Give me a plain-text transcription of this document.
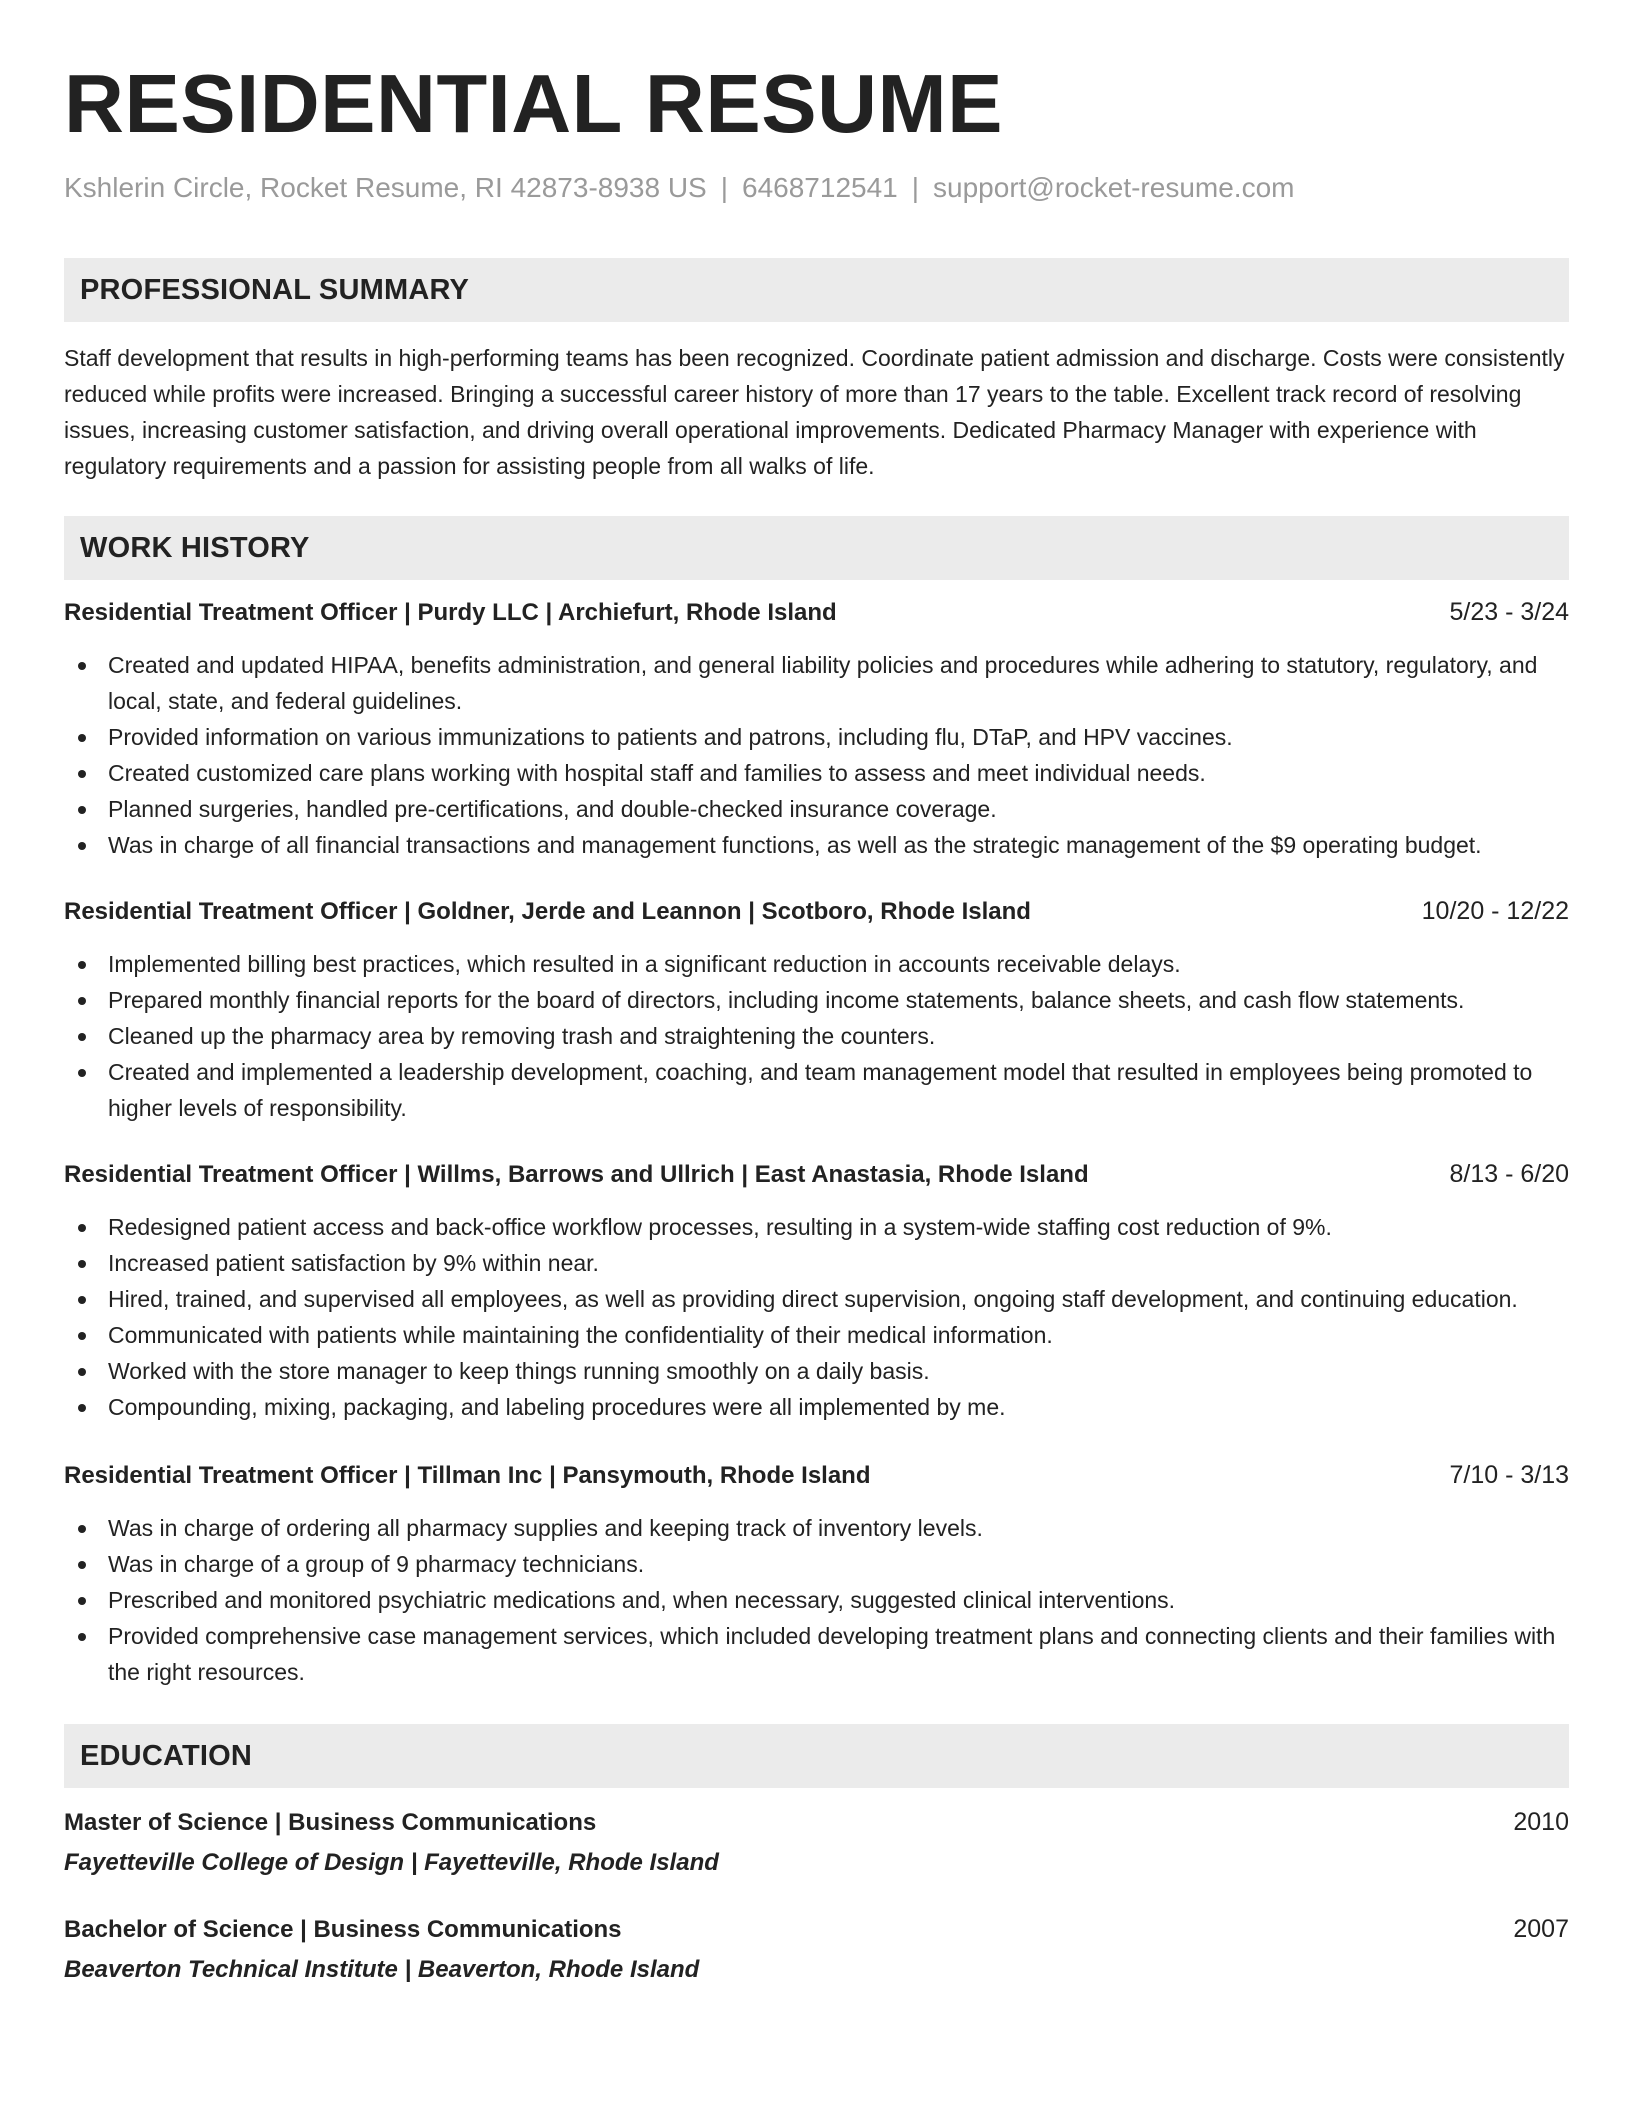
RESIDENTIAL RESUME
Kshlerin Circle, Rocket Resume, RI 42873-8938 US | 6468712541 | support@rocket-resume.com
PROFESSIONAL SUMMARY

Staff development that results in high-performing teams has been recognized. Coordinate patient admission and discharge. Costs were consistently reduced while profits were increased. Bringing a successful career history of more than 17 years to the table. Excellent track record of resolving issues, increasing customer satisfaction, and driving overall operational improvements. Dedicated Pharmacy Manager with experience with regulatory requirements and a passion for assisting people from all walks of life.

WORK HISTORY
Residential Treatment Officer | Purdy LLC | Archiefurt, Rhode Island	5/23 - 3/24
Created and updated HIPAA, benefits administration, and general liability policies and procedures while adhering to statutory, regulatory, and local, state, and federal guidelines.
Provided information on various immunizations to patients and patrons, including flu, DTaP, and HPV vaccines.
Created customized care plans working with hospital staff and families to assess and meet individual needs.
Planned surgeries, handled pre-certifications, and double-checked insurance coverage.
Was in charge of all financial transactions and management functions, as well as the strategic management of the $9 operating budget.
Residential Treatment Officer | Goldner, Jerde and Leannon | Scotboro, Rhode Island	10/20 - 12/22
Implemented billing best practices, which resulted in a significant reduction in accounts receivable delays.
Prepared monthly financial reports for the board of directors, including income statements, balance sheets, and cash flow statements.
Cleaned up the pharmacy area by removing trash and straightening the counters.
Created and implemented a leadership development, coaching, and team management model that resulted in employees being promoted to higher levels of responsibility.
Residential Treatment Officer | Willms, Barrows and Ullrich | East Anastasia, Rhode Island	8/13 - 6/20
Redesigned patient access and back-office workflow processes, resulting in a system-wide staffing cost reduction of 9%.
Increased patient satisfaction by 9% within near.
Hired, trained, and supervised all employees, as well as providing direct supervision, ongoing staff development, and continuing education.
Communicated with patients while maintaining the confidentiality of their medical information.
Worked with the store manager to keep things running smoothly on a daily basis.
Compounding, mixing, packaging, and labeling procedures were all implemented by me.
Residential Treatment Officer | Tillman Inc | Pansymouth, Rhode Island	7/10 - 3/13
Was in charge of ordering all pharmacy supplies and keeping track of inventory levels.
Was in charge of a group of 9 pharmacy technicians.
Prescribed and monitored psychiatric medications and, when necessary, suggested clinical interventions.
Provided comprehensive case management services, which included developing treatment plans and connecting clients and their families with the right resources.
EDUCATION
Master of Science | Business Communications	2010
Fayetteville College of Design | Fayetteville, Rhode Island
Bachelor of Science | Business Communications	2007
Beaverton Technical Institute | Beaverton, Rhode Island
